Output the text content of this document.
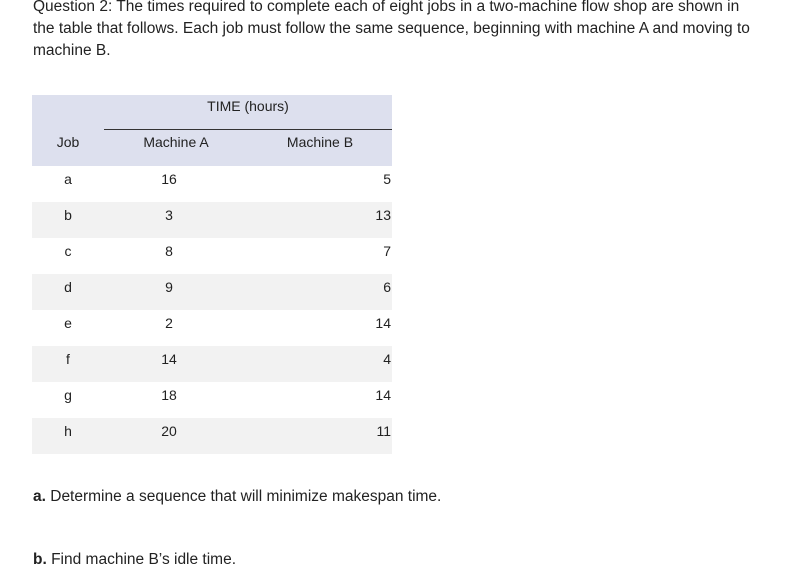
Question 2: The times required to complete each of eight jobs in a two-machine flow shop are shown in the table that follows. Each job must follow the same sequence, beginning with machine A and moving to machine B.

TIME (hours)
Job	Machine A	Machine B
a	16	5
b	3	13
c	8	7
d	9	6
e	2	14
f	14	4
g	18	14
h	20	11

a. Determine a sequence that will minimize makespan time.

b. Find machine B’s idle time.
